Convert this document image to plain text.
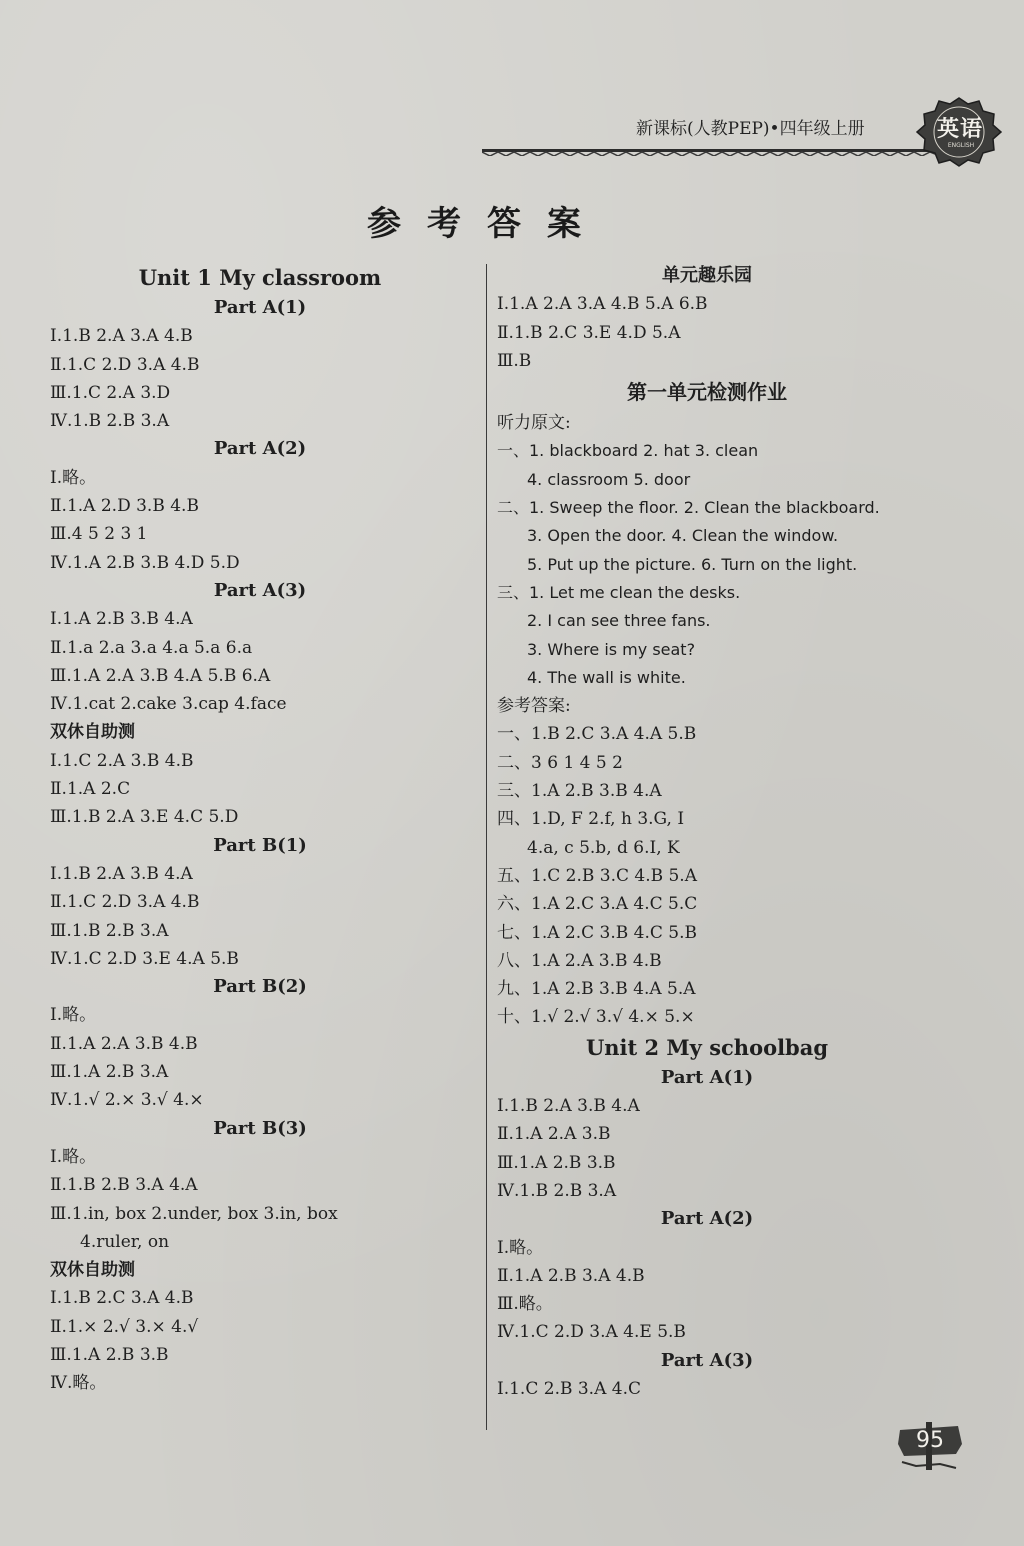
新课标(人教PEP)•四年级上册	英语
ENGLISH
参考答案
Unit 1 My classroom
Part A(1)
Ⅰ.1.B 2.A 3.A 4.B
Ⅱ.1.C 2.D 3.A 4.B
Ⅲ.1.C 2.A 3.D
Ⅳ.1.B 2.B 3.A
Part A(2)
Ⅰ.略。
Ⅱ.1.A 2.D 3.B 4.B
Ⅲ.4 5 2 3 1
Ⅳ.1.A 2.B 3.B 4.D 5.D
Part A(3)
Ⅰ.1.A 2.B 3.B 4.A
Ⅱ.1.a 2.a 3.a 4.a 5.a 6.a
Ⅲ.1.A 2.A 3.B 4.A 5.B 6.A
Ⅳ.1.cat 2.cake 3.cap 4.face
双休自助测
Ⅰ.1.C 2.A 3.B 4.B
Ⅱ.1.A 2.C
Ⅲ.1.B 2.A 3.E 4.C 5.D
Part B(1)
Ⅰ.1.B 2.A 3.B 4.A
Ⅱ.1.C 2.D 3.A 4.B
Ⅲ.1.B 2.B 3.A
Ⅳ.1.C 2.D 3.E 4.A 5.B
Part B(2)
Ⅰ.略。
Ⅱ.1.A 2.A 3.B 4.B
Ⅲ.1.A 2.B 3.A
Ⅳ.1.√ 2.× 3.√ 4.×
Part B(3)
Ⅰ.略。
Ⅱ.1.B 2.B 3.A 4.A
Ⅲ.1.in, box 2.under, box 3.in, box
4.ruler, on
双休自助测
Ⅰ.1.B 2.C 3.A 4.B
Ⅱ.1.× 2.√ 3.× 4.√
Ⅲ.1.A 2.B 3.B
Ⅳ.略。
单元趣乐园
Ⅰ.1.A 2.A 3.A 4.B 5.A 6.B
Ⅱ.1.B 2.C 3.E 4.D 5.A
Ⅲ.B
第一单元检测作业
听力原文:
一、1. blackboard 2. hat 3. clean
4. classroom 5. door
二、1. Sweep the floor. 2. Clean the blackboard.
3. Open the door. 4. Clean the window.
5. Put up the picture. 6. Turn on the light.
三、1. Let me clean the desks.
2. I can see three fans.
3. Where is my seat?
4. The wall is white.
参考答案:
一、1.B 2.C 3.A 4.A 5.B
二、3 6 1 4 5 2
三、1.A 2.B 3.B 4.A
四、1.D, F 2.f, h 3.G, I
4.a, c 5.b, d 6.I, K
五、1.C 2.B 3.C 4.B 5.A
六、1.A 2.C 3.A 4.C 5.C
七、1.A 2.C 3.B 4.C 5.B
八、1.A 2.A 3.B 4.B
九、1.A 2.B 3.B 4.A 5.A
十、1.√ 2.√ 3.√ 4.× 5.×
Unit 2 My schoolbag
Part A(1)
Ⅰ.1.B 2.A 3.B 4.A
Ⅱ.1.A 2.A 3.B
Ⅲ.1.A 2.B 3.B
Ⅳ.1.B 2.B 3.A
Part A(2)
Ⅰ.略。
Ⅱ.1.A 2.B 3.A 4.B
Ⅲ.略。
Ⅳ.1.C 2.D 3.A 4.E 5.B
Part A(3)
Ⅰ.1.C 2.B 3.A 4.C
95
